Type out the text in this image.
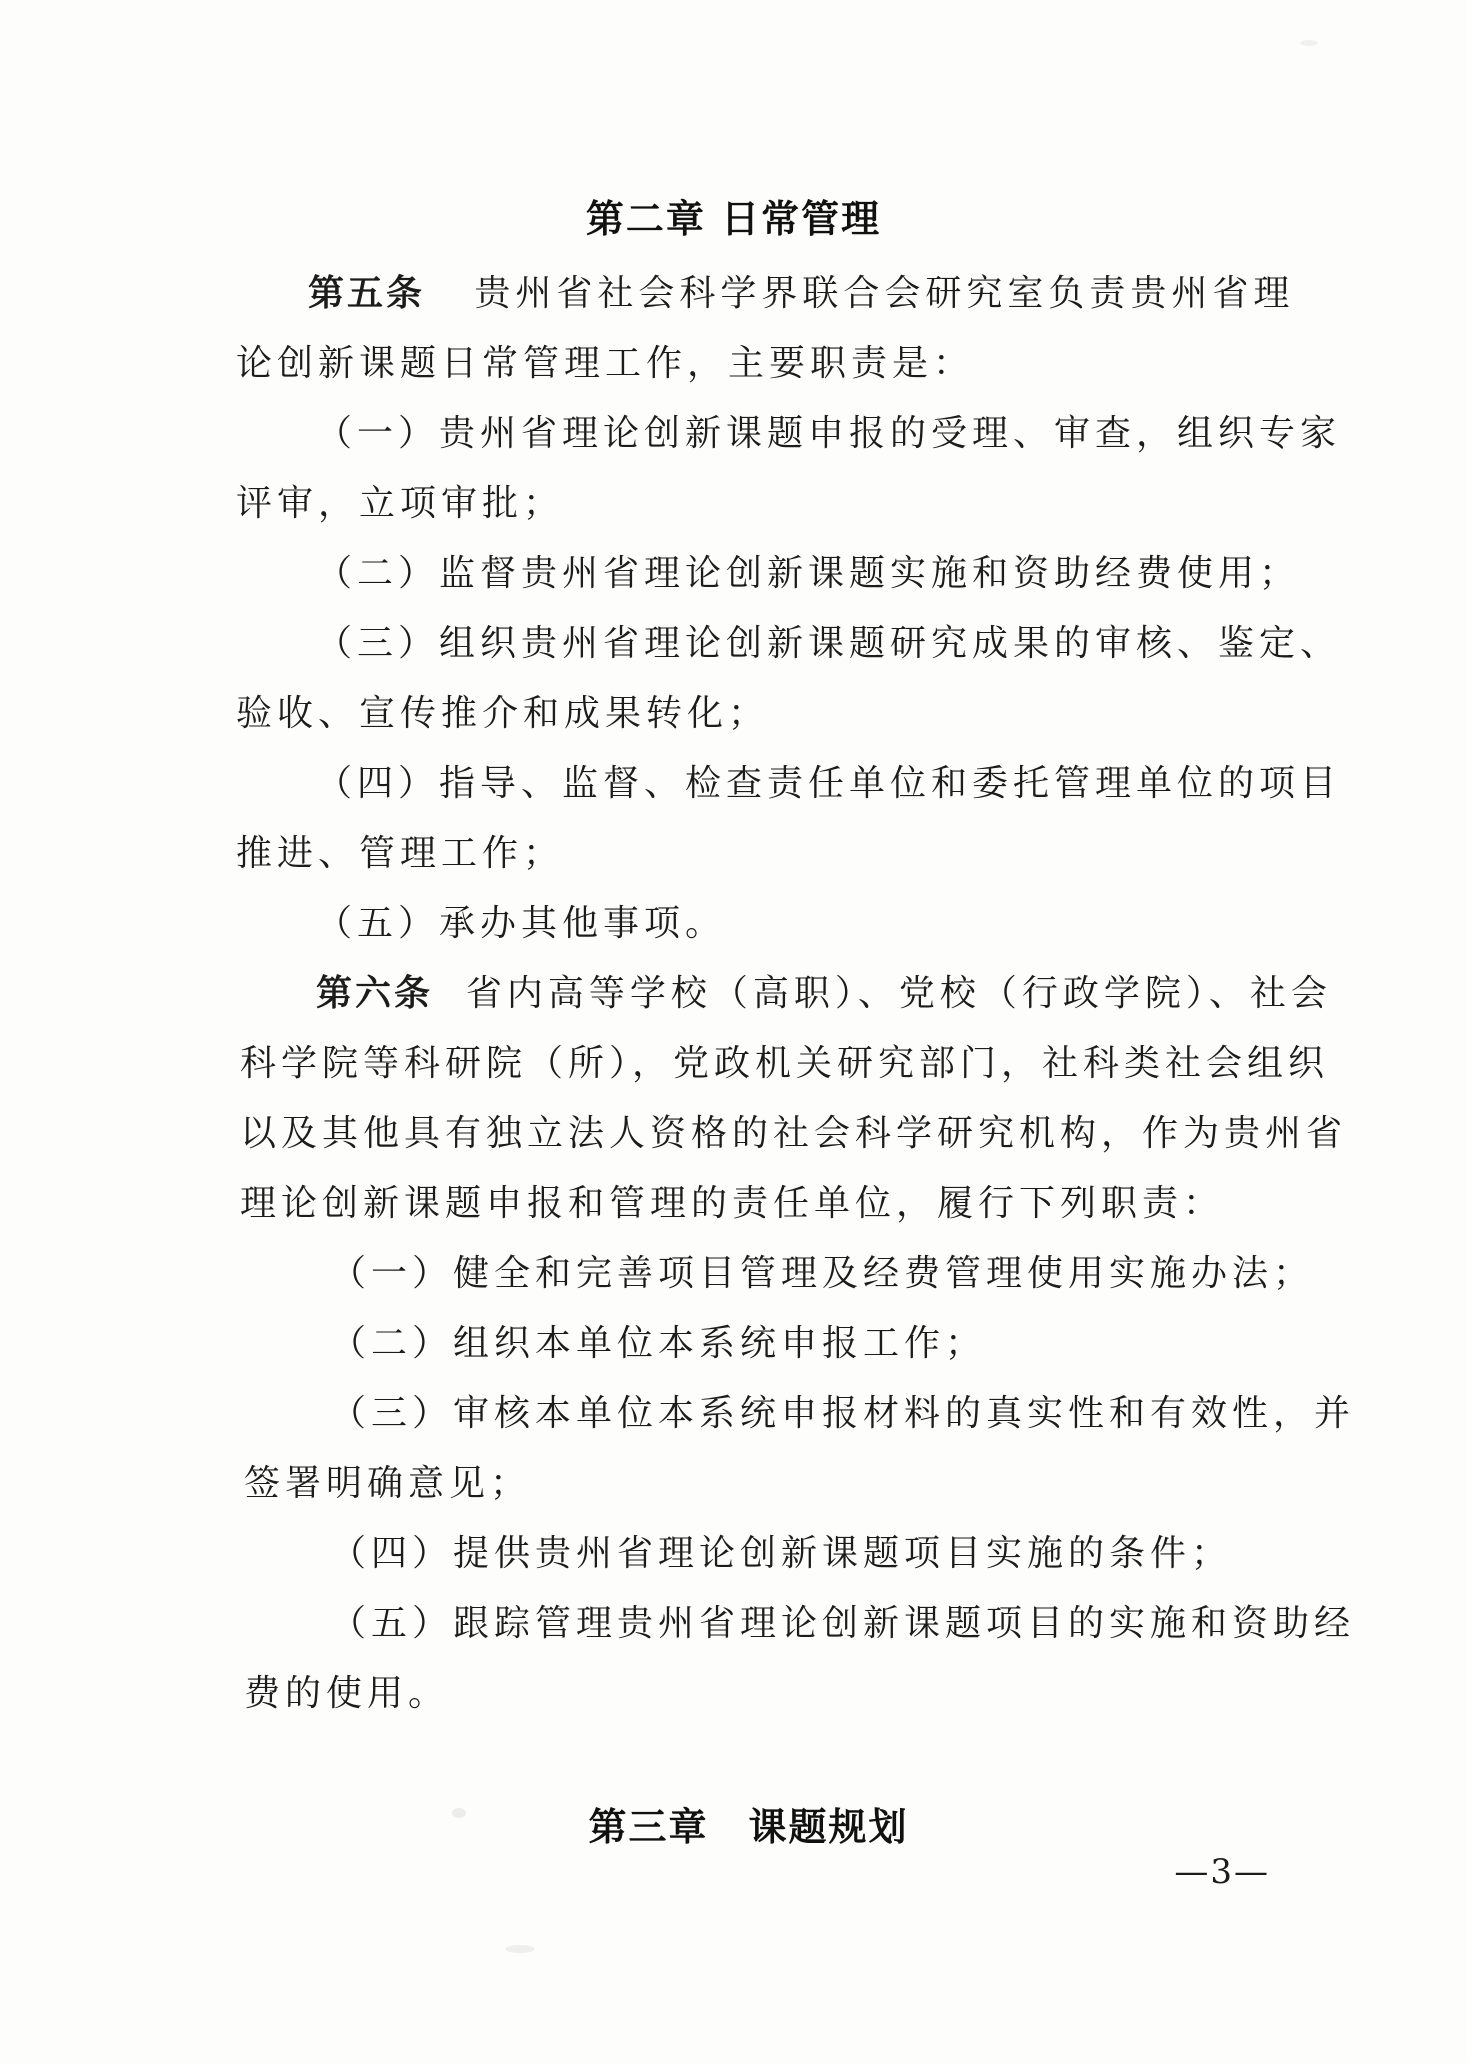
第二章 日常管理
第五条 贵州省社会科学界联合会研究室负责贵州省理
论创新课题日常管理工作，主要职责是：
（一）贵州省理论创新课题申报的受理、审查，组织专家
评审，立项审批；
（二）监督贵州省理论创新课题实施和资助经费使用；
（三）组织贵州省理论创新课题研究成果的审核、鉴定、
验收、宣传推介和成果转化；
（四）指导、监督、检查责任单位和委托管理单位的项目
推进、管理工作；
（五）承办其他事项。
第六条 省内高等学校（高职）、党校（行政学院）、社会
科学院等科研院（所），党政机关研究部门，社科类社会组织
以及其他具有独立法人资格的社会科学研究机构，作为贵州省
理论创新课题申报和管理的责任单位，履行下列职责：
（一）健全和完善项目管理及经费管理使用实施办法；
（二）组织本单位本系统申报工作；
（三）审核本单位本系统申报材料的真实性和有效性，并
签署明确意见；
（四）提供贵州省理论创新课题项目实施的条件；
（五）跟踪管理贵州省理论创新课题项目的实施和资助经
费的使用。
第三章　课题规划
—3—
